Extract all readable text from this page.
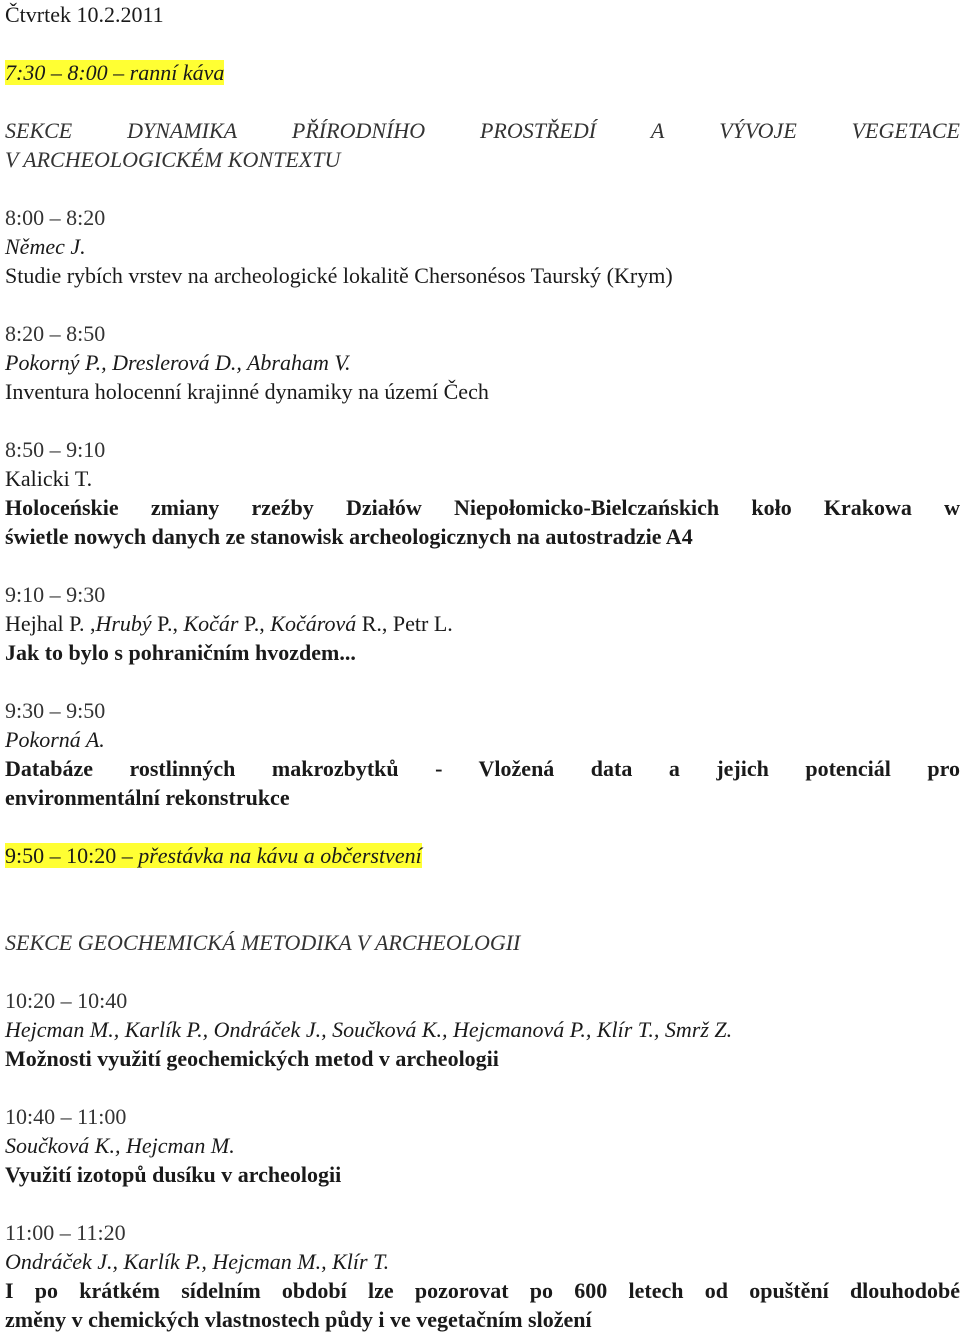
Čtvrtek 10.2.2011
7:30 – 8:00 – ranní káva
SEKCE DYNAMIKA PŘÍRODNÍHO PROSTŘEDÍ A VÝVOJE VEGETACE
V ARCHEOLOGICKÉM KONTEXTU
8:00 – 8:20
Němec J.
Studie rybích vrstev na archeologické lokalitě Chersonésos Taurský (Krym)
8:20 – 8:50
Pokorný P., Dreslerová D., Abraham V.
Inventura holocenní krajinné dynamiky na území Čech
8:50 – 9:10
Kalicki T.
Holoceńskie zmiany rzeźby Działów Niepołomicko-Bielczańskich koło Krakowa w
świetle nowych danych ze stanowisk archeologicznych na autostradzie A4
9:10 – 9:30
Hejhal P. ,Hrubý P., Kočár P., Kočárová R., Petr L.
Jak to bylo s pohraničním hvozdem...
9:30 – 9:50
Pokorná A.
Databáze rostlinných makrozbytků - Vložená data a jejich potenciál pro
environmentální rekonstrukce
9:50 – 10:20 – přestávka na kávu a občerstvení
SEKCE GEOCHEMICKÁ METODIKA V ARCHEOLOGII
10:20 – 10:40
Hejcman M., Karlík P., Ondráček J., Součková K., Hejcmanová P., Klír T., Smrž Z.
Možnosti využití geochemických metod v archeologii
10:40 – 11:00
Součková K., Hejcman M.
Využití izotopů dusíku v archeologii
11:00 – 11:20
Ondráček J., Karlík P., Hejcman M., Klír T.
I po krátkém sídelním období lze pozorovat po 600 letech od opuštění dlouhodobé
změny v chemických vlastnostech půdy i ve vegetačním složení
